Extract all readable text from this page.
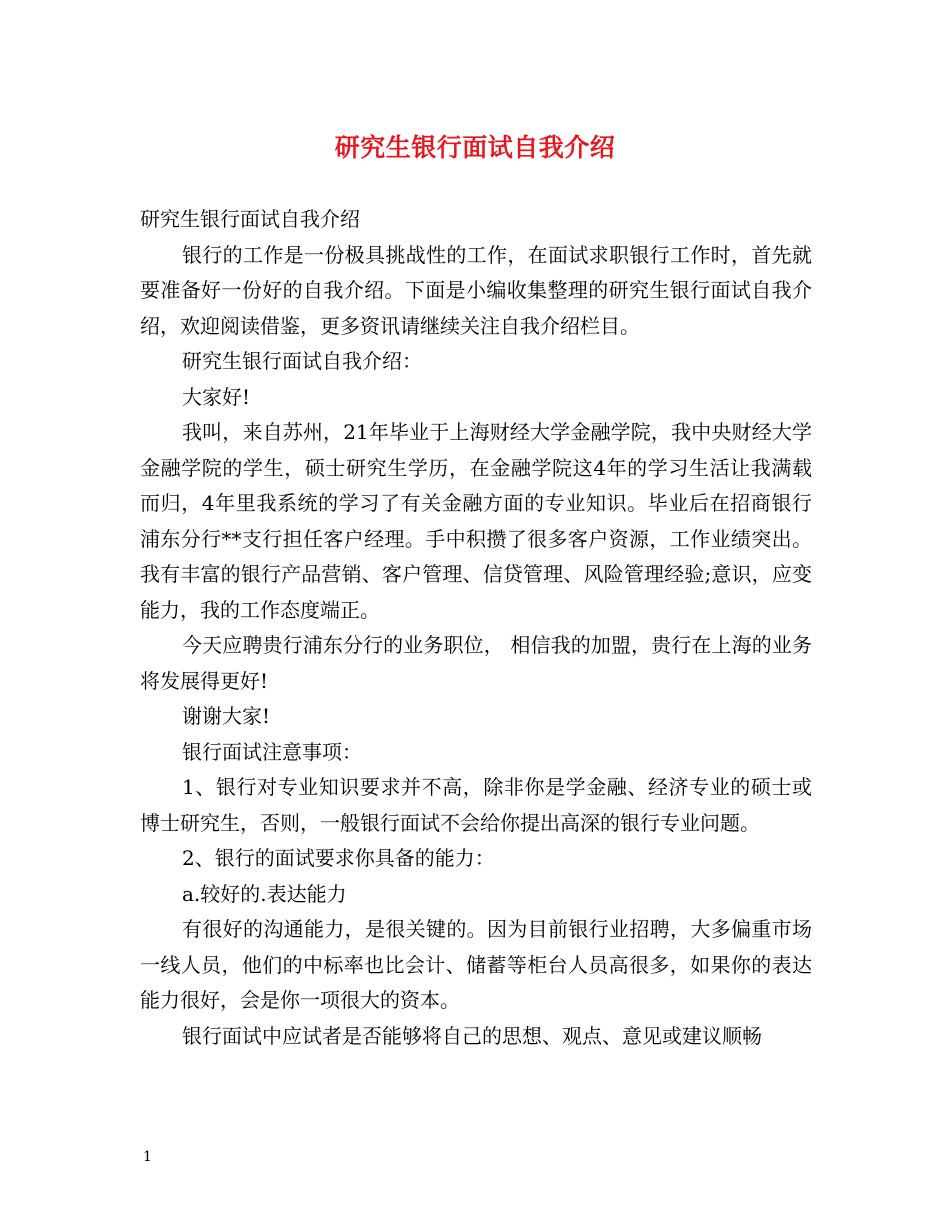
研究生银行面试自我介绍

研究生银行面试自我介绍

银行的工作是一份极具挑战性的工作，在面试求职银行工作时，首先就要准备好一份好的自我介绍。下面是小编收集整理的研究生银行面试自我介绍，欢迎阅读借鉴，更多资讯请继续关注自我介绍栏目。

研究生银行面试自我介绍：

大家好!

我叫，来自苏州，21年毕业于上海财经大学金融学院，我中央财经大学金融学院的学生，硕士研究生学历，在金融学院这4年的学习生活让我满载而归，4年里我系统的学习了有关金融方面的专业知识。毕业后在招商银行浦东分行**支行担任客户经理。手中积攒了很多客户资源，工作业绩突出。我有丰富的银行产品营销、客户管理、信贷管理、风险管理经验;意识，应变能力，我的工作态度端正。

今天应聘贵行浦东分行的业务职位， 相信我的加盟，贵行在上海的业务将发展得更好!

谢谢大家!

银行面试注意事项：

1、银行对专业知识要求并不高，除非你是学金融、经济专业的硕士或博士研究生，否则，一般银行面试不会给你提出高深的银行专业问题。

2、银行的面试要求你具备的能力：

a.较好的.表达能力

有很好的沟通能力，是很关键的。因为目前银行业招聘，大多偏重市场一线人员，他们的中标率也比会计、储蓄等柜台人员高很多，如果你的表达能力很好，会是你一项很大的资本。

银行面试中应试者是否能够将自己的思想、观点、意见或建议顺畅

1
